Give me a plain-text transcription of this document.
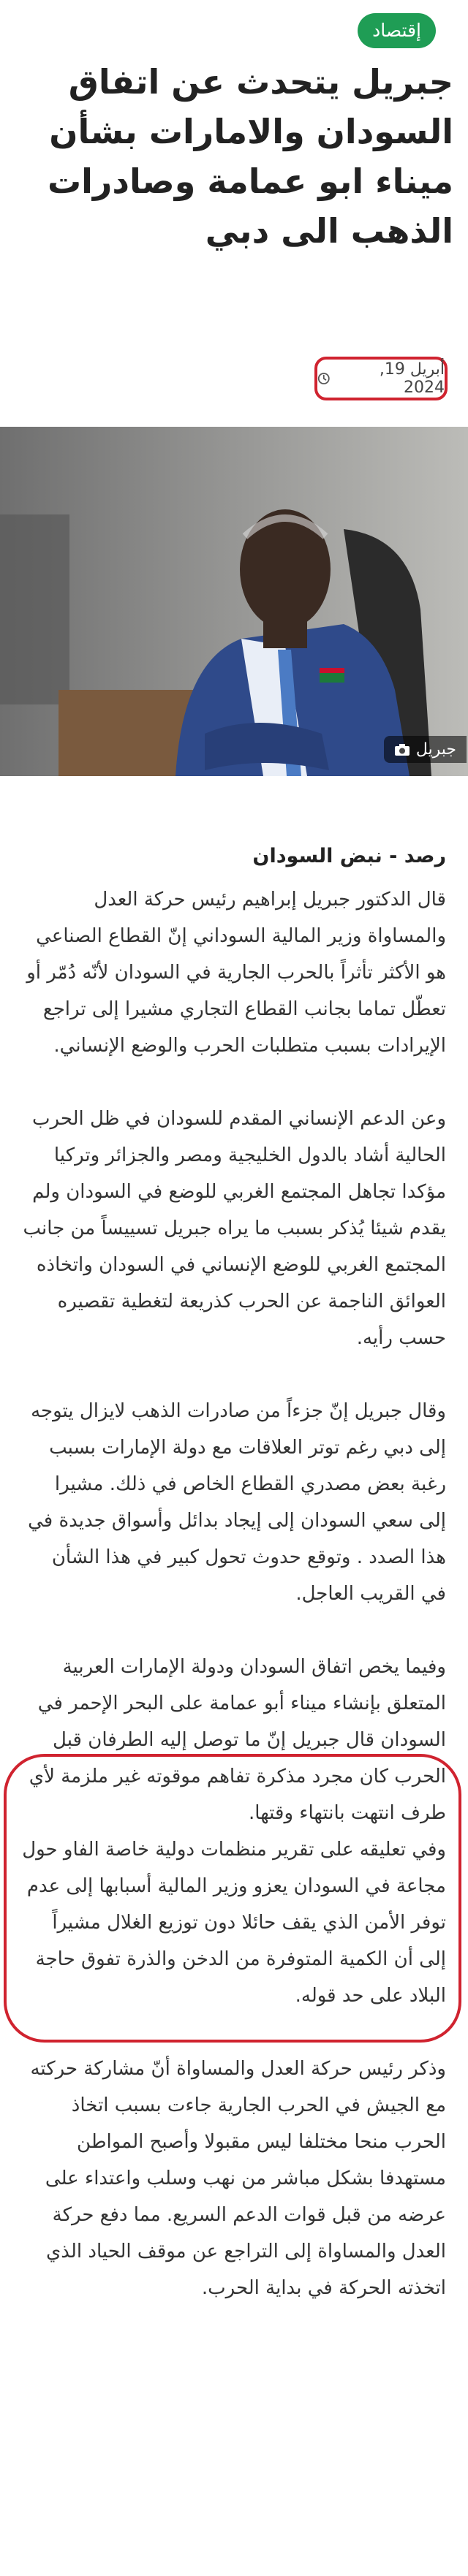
إقتصاد
جبريل يتحدث عن اتفاق السودان والامارات بشأن ميناء ابو عمامة وصادرات الذهب الى دبي
أبريل 19, 2024
جبريل

رصد - نبض السودان

قال الدكتور جبريل إبراهيم رئيس حركة العدل والمساواة وزير المالية السوداني إنّ القطاع الصناعي هو الأكثر تأثراً بالحرب الجارية في السودان لأنّه دُمّر أو تعطّل تماما بجانب القطاع التجاري مشيرا إلى تراجع الإيرادات بسبب متطلبات الحرب والوضع الإنساني.

وعن الدعم الإنساني المقدم للسودان في ظل الحرب الحالية أشاد بالدول الخليجية ومصر والجزائر وتركيا مؤكدا تجاهل المجتمع الغربي للوضع في السودان ولم يقدم شيئا يُذكر بسبب ما يراه جبريل تسييساً من جانب المجتمع الغربي للوضع الإنساني في السودان واتخاذه العوائق الناجمة عن الحرب كذريعة لتغطية تقصيره حسب رأيه.

وقال جبريل إنّ جزءاً من صادرات الذهب لايزال يتوجه إلى دبي رغم توتر العلاقات مع دولة الإمارات بسبب رغبة بعض مصدري القطاع الخاص في ذلك. مشيرا إلى سعي السودان إلى إيجاد بدائل وأسواق جديدة في هذا الصدد . وتوقع حدوث تحول كبير في هذا الشأن في القريب العاجل.

وفيما يخص اتفاق السودان ودولة الإمارات العربية المتعلق بإنشاء ميناء أبو عمامة على البحر الإحمر في السودان قال جبريل إنّ ما توصل إليه الطرفان قبل الحرب كان مجرد مذكرة تفاهم موقوته غير ملزمة لأي طرف انتهت بانتهاء وقتها.

وفي تعليقه على تقرير منظمات دولية خاصة الفاو حول مجاعة في السودان يعزو وزير المالية أسبابها إلى عدم توفر الأمن الذي يقف حائلا دون توزيع الغلال مشيراً إلى أن الكمية المتوفرة من الدخن والذرة تفوق حاجة البلاد على حد قوله.

وذكر رئيس حركة العدل والمساواة أنّ مشاركة حركته مع الجيش في الحرب الجارية جاءت بسبب اتخاذ الحرب منحا مختلفا ليس مقبولا وأصبح المواطن مستهدفا بشكل مباشر من نهب وسلب واعتداء على عرضه من قبل قوات الدعم السريع. مما دفع حركة العدل والمساواة إلى التراجع عن موقف الحياد الذي اتخذته الحركة في بداية الحرب.
